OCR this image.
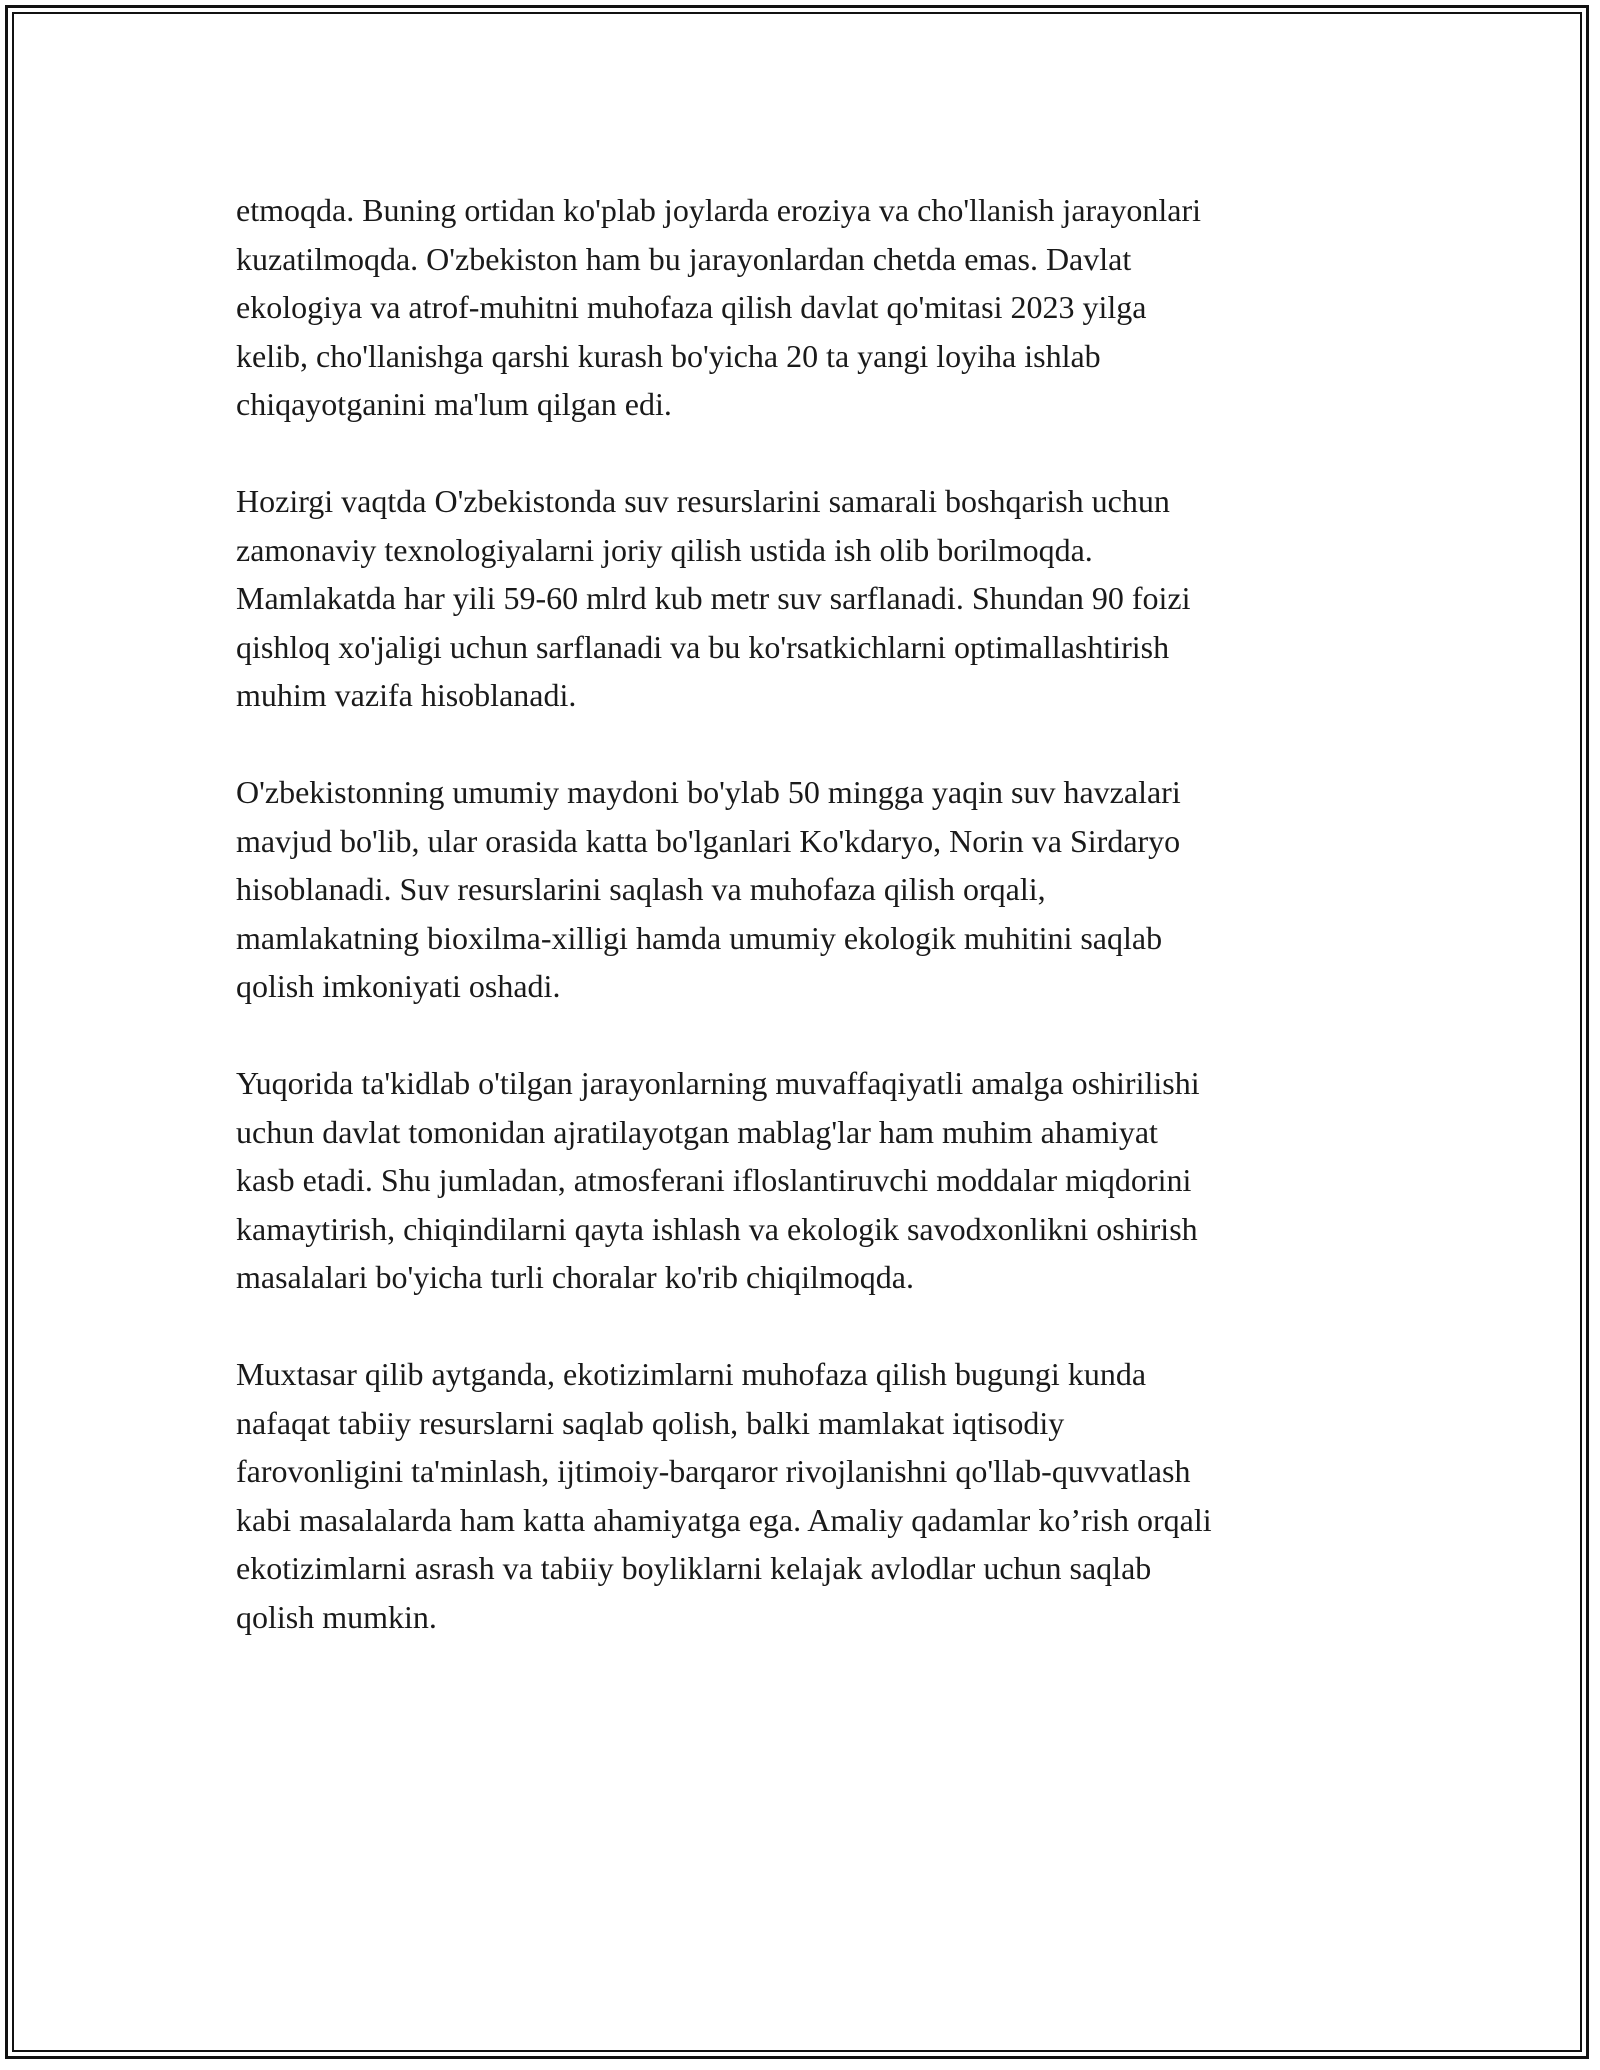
etmoqda. Buning ortidan ko'plab joylarda eroziya va cho'llanish jarayonlari
kuzatilmoqda. O'zbekiston ham bu jarayonlardan chetda emas. Davlat
ekologiya va atrof-muhitni muhofaza qilish davlat qo'mitasi 2023 yilga
kelib, cho'llanishga qarshi kurash bo'yicha 20 ta yangi loyiha ishlab
chiqayotganini ma'lum qilgan edi.

Hozirgi vaqtda O'zbekistonda suv resurslarini samarali boshqarish uchun
zamonaviy texnologiyalarni joriy qilish ustida ish olib borilmoqda.
Mamlakatda har yili 59-60 mlrd kub metr suv sarflanadi. Shundan 90 foizi
qishloq xo'jaligi uchun sarflanadi va bu ko'rsatkichlarni optimallashtirish
muhim vazifa hisoblanadi.

O'zbekistonning umumiy maydoni bo'ylab 50 mingga yaqin suv havzalari
mavjud bo'lib, ular orasida katta bo'lganlari Ko'kdaryo, Norin va Sirdaryo
hisoblanadi. Suv resurslarini saqlash va muhofaza qilish orqali,
mamlakatning bioxilma-xilligi hamda umumiy ekologik muhitini saqlab
qolish imkoniyati oshadi.

Yuqorida ta'kidlab o'tilgan jarayonlarning muvaffaqiyatli amalga oshirilishi
uchun davlat tomonidan ajratilayotgan mablag'lar ham muhim ahamiyat
kasb etadi. Shu jumladan, atmosferani ifloslantiruvchi moddalar miqdorini
kamaytirish, chiqindilarni qayta ishlash va ekologik savodxonlikni oshirish
masalalari bo'yicha turli choralar ko'rib chiqilmoqda.

Muxtasar qilib aytganda, ekotizimlarni muhofaza qilish bugungi kunda
nafaqat tabiiy resurslarni saqlab qolish, balki mamlakat iqtisodiy
farovonligini ta'minlash, ijtimoiy-barqaror rivojlanishni qo'llab-quvvatlash
kabi masalalarda ham katta ahamiyatga ega. Amaliy qadamlar ko’rish orqali
ekotizimlarni asrash va tabiiy boyliklarni kelajak avlodlar uchun saqlab
qolish mumkin.
